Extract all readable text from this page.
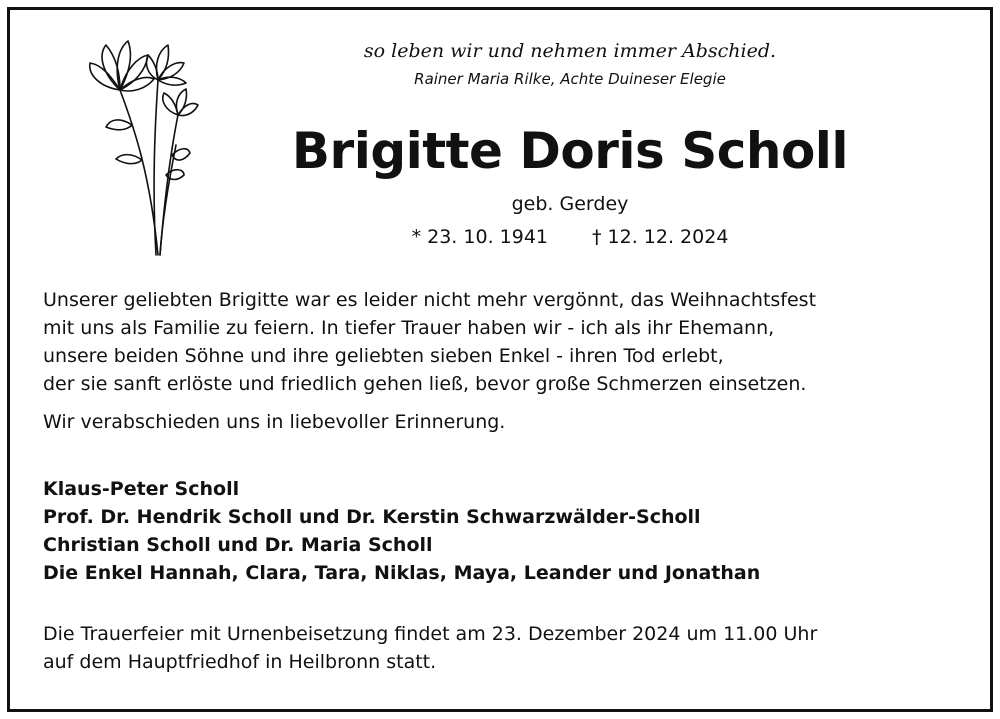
so leben wir und nehmen immer Abschied.
Rainer Maria Rilke, Achte Duineser Elegie
Brigitte Doris Scholl
geb. Gerdey
* 23. 10. 1941 † 12. 12. 2024

Unserer geliebten Brigitte war es leider nicht mehr vergönnt, das Weihnachtsfest
mit uns als Familie zu feiern. In tiefer Trauer haben wir - ich als ihr Ehemann,
unsere beiden Söhne und ihre geliebten sieben Enkel - ihren Tod erlebt,
der sie sanft erlöste und friedlich gehen ließ, bevor große Schmerzen einsetzen.

Wir verabschieden uns in liebevoller Erinnerung.

Klaus-Peter Scholl
Prof. Dr. Hendrik Scholl und Dr. Kerstin Schwarzwälder-Scholl
Christian Scholl und Dr. Maria Scholl
Die Enkel Hannah, Clara, Tara, Niklas, Maya, Leander und Jonathan
Die Trauerfeier mit Urnenbeisetzung findet am 23. Dezember 2024 um 11.00 Uhr
auf dem Hauptfriedhof in Heilbronn statt.
